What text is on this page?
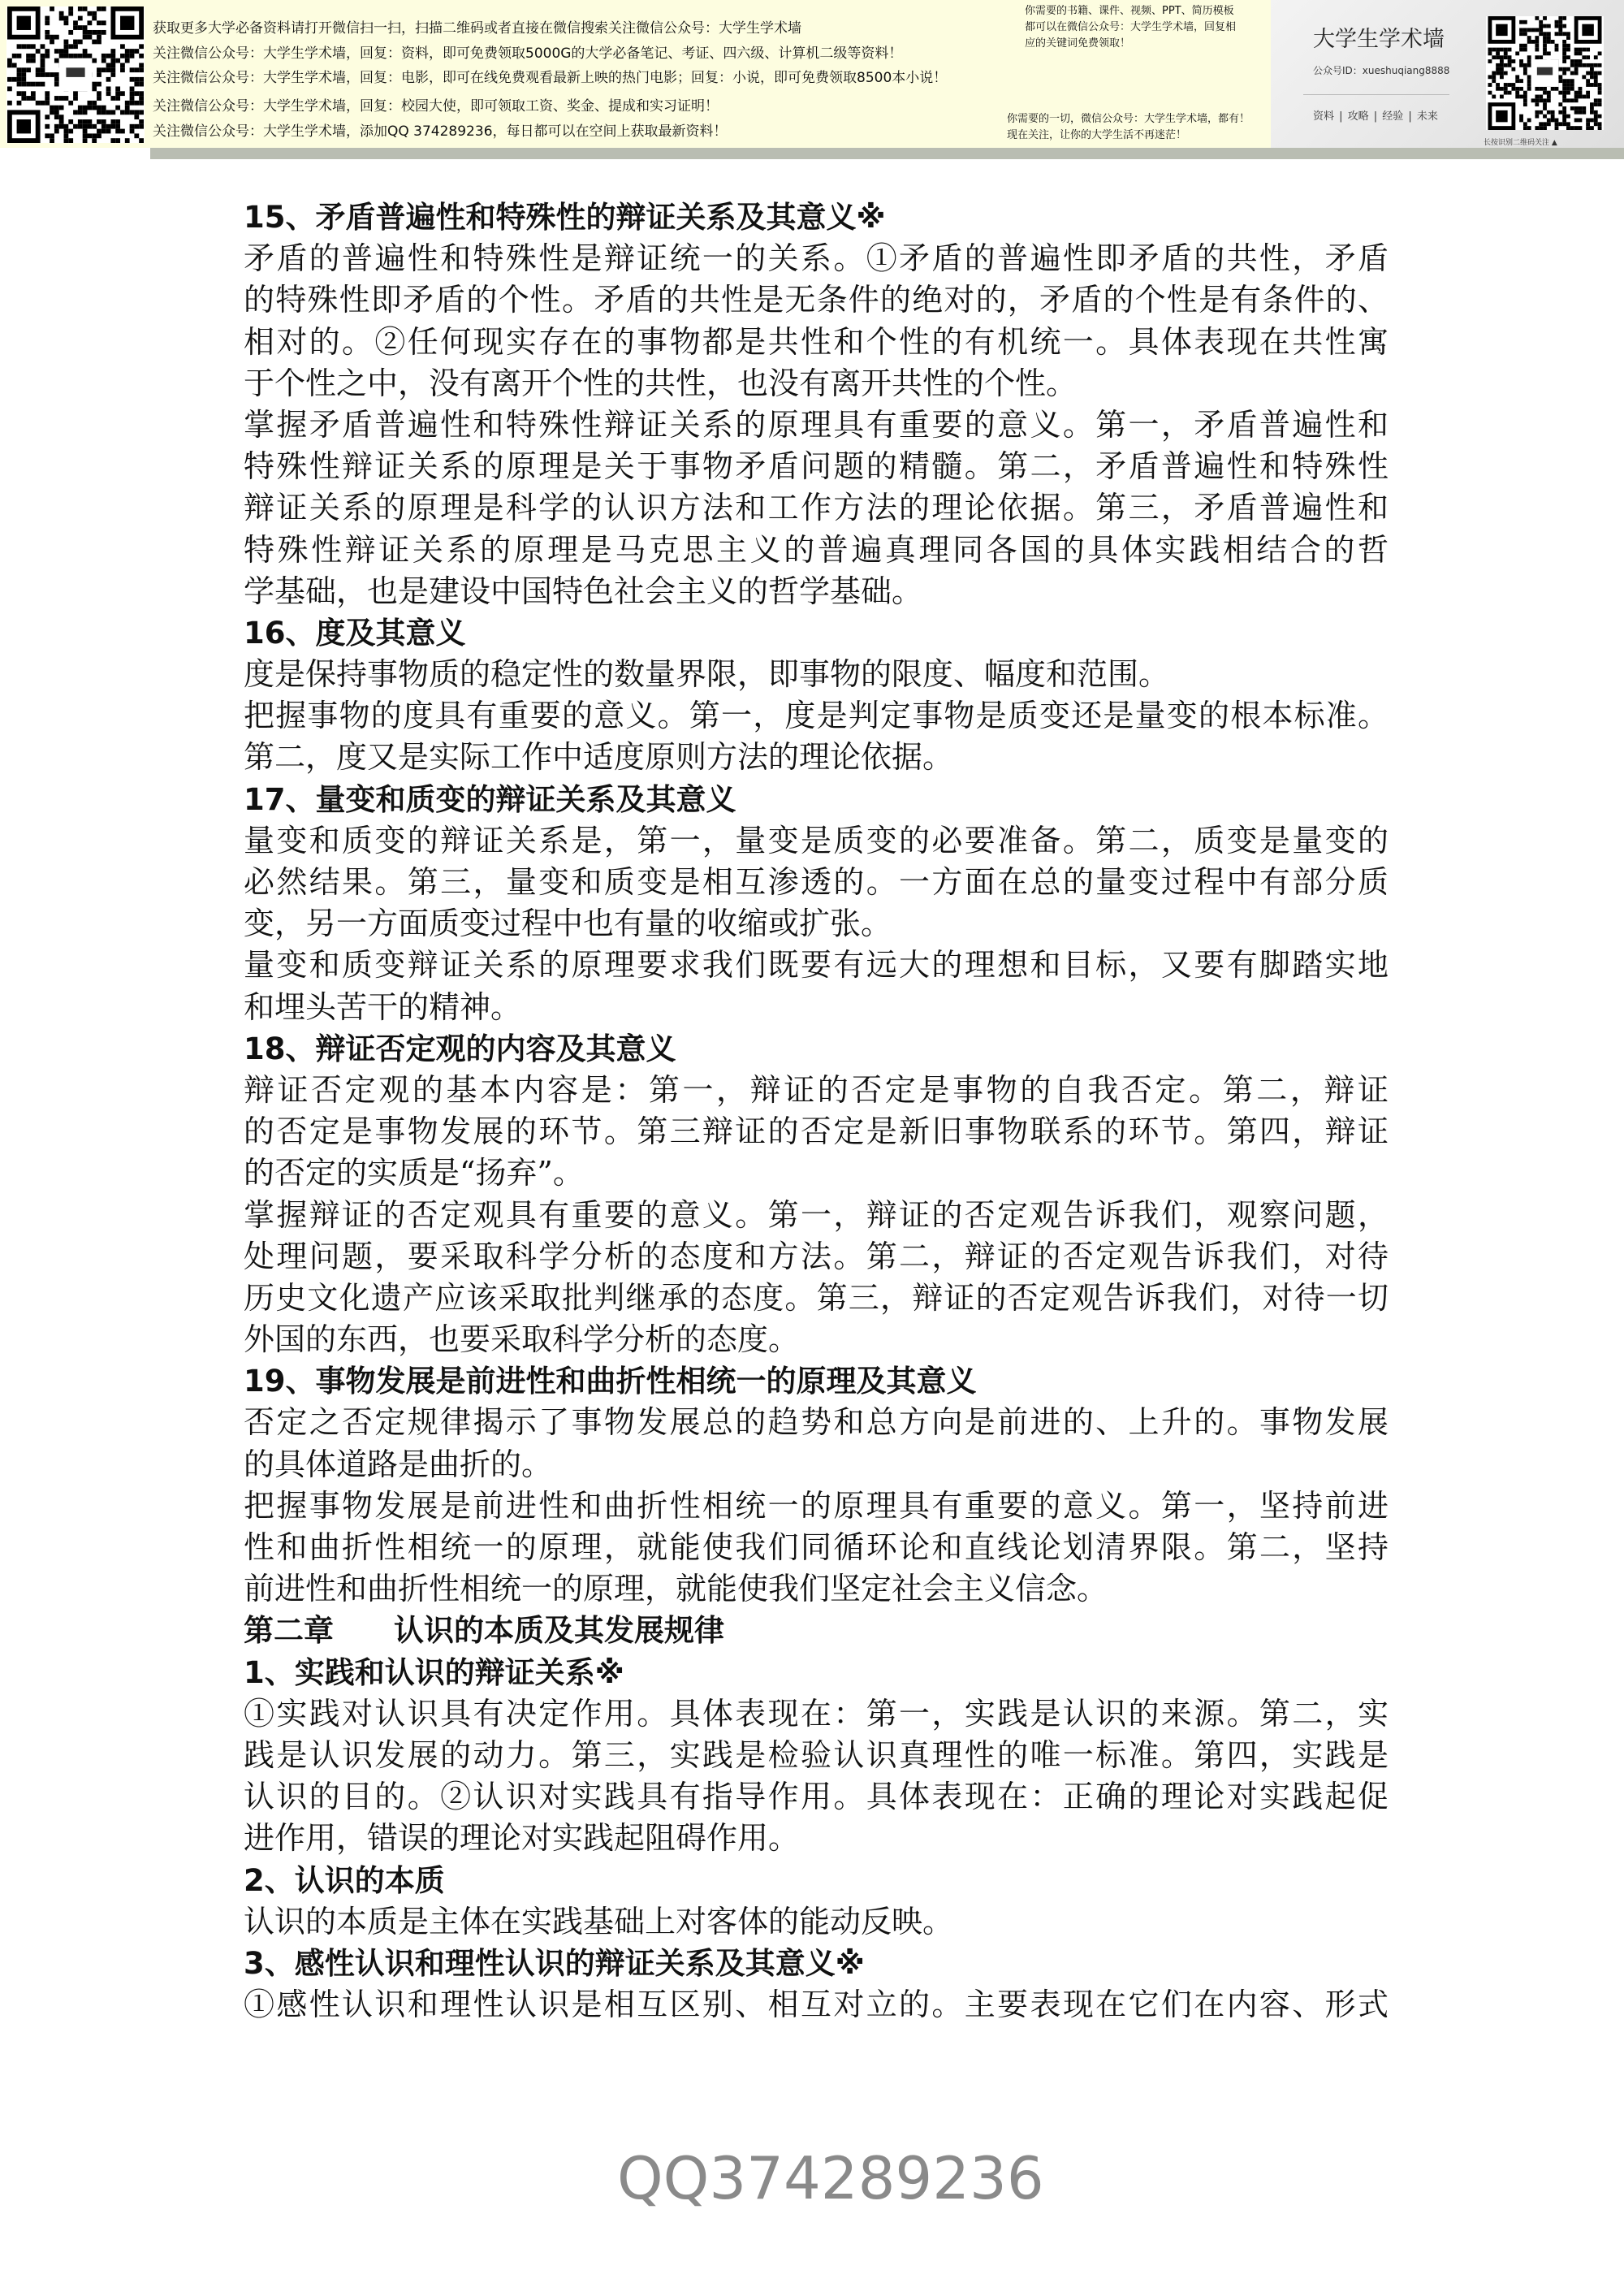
获取更多大学必备资料请打开微信扫一扫，扫描二维码或者直接在微信搜索关注微信公众号：大学生学术墙
关注微信公众号：大学生学术墙，回复：资料，即可免费领取5000G的大学必备笔记、考证、四六级、计算机二级等资料！
关注微信公众号：大学生学术墙，回复：电影，即可在线免费观看最新上映的热门电影；回复：小说，即可免费领取8500本小说！
关注微信公众号：大学生学术墙，回复：校园大使，即可领取工资、奖金、提成和实习证明！
关注微信公众号：大学生学术墙，添加QQ 374289236，每日都可以在空间上获取最新资料！
你需要的书籍、课件、视频、PPT、简历模板
都可以在微信公众号：大学生学术墙，回复相
应的关键词免费领取！
你需要的一切，微信公众号：大学生学术墙，都有！
现在关注，让你的大学生活不再迷茫！
大学生学术墙
公众号ID：xueshuqiang8888
资料 | 攻略 | 经验 | 未来
长按识别二维码关注 ▲
15、矛盾普遍性和特殊性的辩证关系及其意义※
矛盾的普遍性和特殊性是辩证统一的关系。①矛盾的普遍性即矛盾的共性，矛盾
的特殊性即矛盾的个性。矛盾的共性是无条件的绝对的，矛盾的个性是有条件的、
相对的。②任何现实存在的事物都是共性和个性的有机统一。具体表现在共性寓
于个性之中，没有离开个性的共性，也没有离开共性的个性。
掌握矛盾普遍性和特殊性辩证关系的原理具有重要的意义。第一，矛盾普遍性和
特殊性辩证关系的原理是关于事物矛盾问题的精髓。第二，矛盾普遍性和特殊性
辩证关系的原理是科学的认识方法和工作方法的理论依据。第三，矛盾普遍性和
特殊性辩证关系的原理是马克思主义的普遍真理同各国的具体实践相结合的哲
学基础，也是建设中国特色社会主义的哲学基础。
16、度及其意义
度是保持事物质的稳定性的数量界限，即事物的限度、幅度和范围。
把握事物的度具有重要的意义。第一，度是判定事物是质变还是量变的根本标准。
第二，度又是实际工作中适度原则方法的理论依据。
17、量变和质变的辩证关系及其意义
量变和质变的辩证关系是，第一，量变是质变的必要准备。第二，质变是量变的
必然结果。第三，量变和质变是相互渗透的。一方面在总的量变过程中有部分质
变，另一方面质变过程中也有量的收缩或扩张。
量变和质变辩证关系的原理要求我们既要有远大的理想和目标，又要有脚踏实地
和埋头苦干的精神。
18、辩证否定观的内容及其意义
辩证否定观的基本内容是：第一，辩证的否定是事物的自我否定。第二，辩证
的否定是事物发展的环节。第三辩证的否定是新旧事物联系的环节。第四，辩证
的否定的实质是“扬弃”。
掌握辩证的否定观具有重要的意义。第一，辩证的否定观告诉我们，观察问题，
处理问题，要采取科学分析的态度和方法。第二，辩证的否定观告诉我们，对待
历史文化遗产应该采取批判继承的态度。第三，辩证的否定观告诉我们，对待一切
外国的东西，也要采取科学分析的态度。
19、事物发展是前进性和曲折性相统一的原理及其意义
否定之否定规律揭示了事物发展总的趋势和总方向是前进的、上升的。事物发展
的具体道路是曲折的。
把握事物发展是前进性和曲折性相统一的原理具有重要的意义。第一，坚持前进
性和曲折性相统一的原理，就能使我们同循环论和直线论划清界限。第二，坚持
前进性和曲折性相统一的原理，就能使我们坚定社会主义信念。
第二章　　认识的本质及其发展规律
1、实践和认识的辩证关系※
①实践对认识具有决定作用。具体表现在：第一，实践是认识的来源。第二，实
践是认识发展的动力。第三，实践是检验认识真理性的唯一标准。第四，实践是
认识的目的。②认识对实践具有指导作用。具体表现在：正确的理论对实践起促
进作用，错误的理论对实践起阻碍作用。
2、认识的本质
认识的本质是主体在实践基础上对客体的能动反映。
3、感性认识和理性认识的辩证关系及其意义※
①感性认识和理性认识是相互区别、相互对立的。主要表现在它们在内容、形式
QQ374289236
